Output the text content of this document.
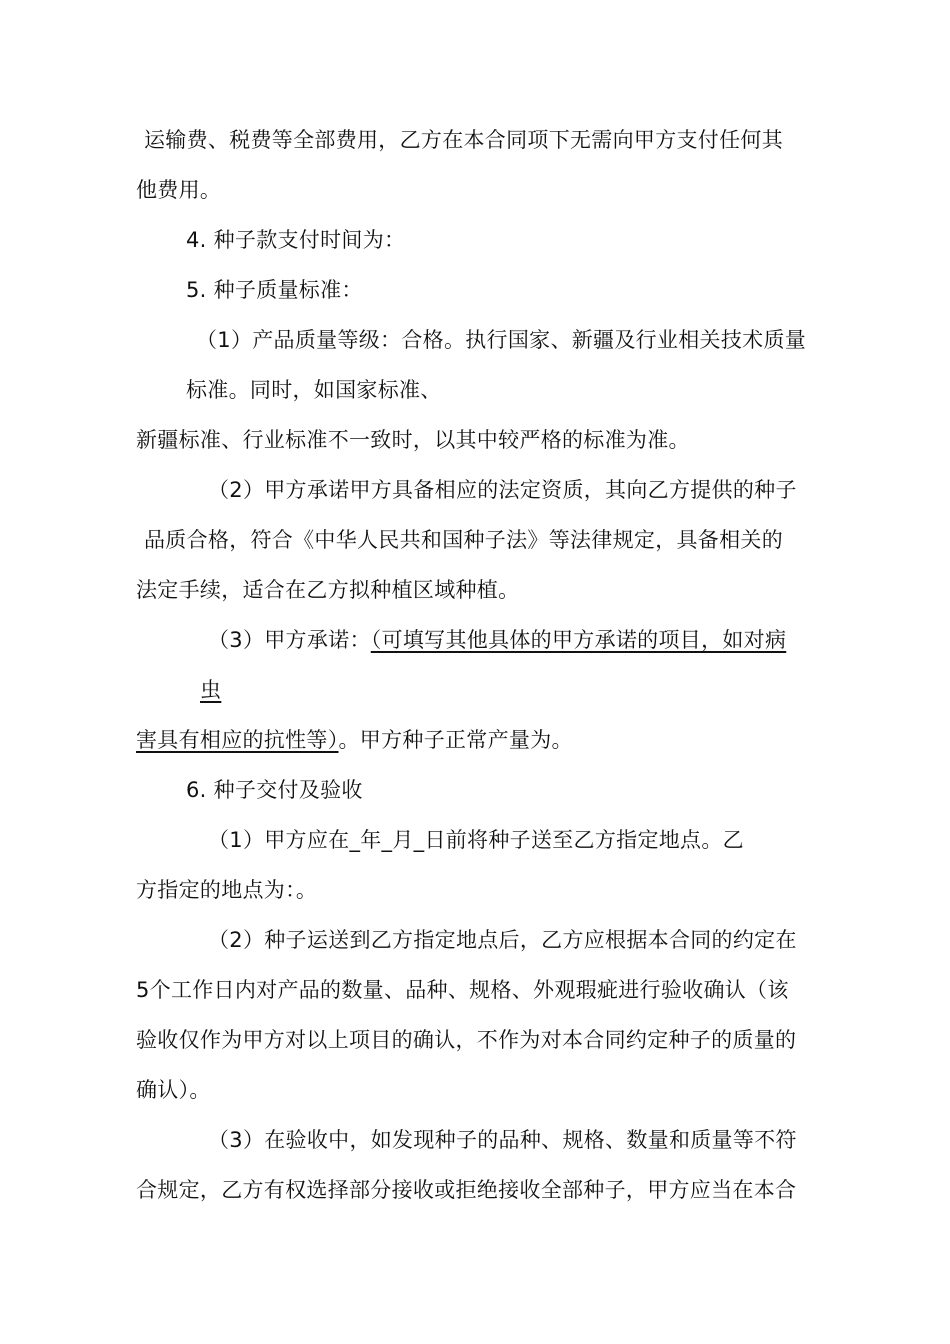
运输费、税费等全部费用，乙方在本合同项下无需向甲方支付任何其
他费用。
4. 种子款支付时间为：
5. 种子质量标准：
（1）产品质量等级：合格。执行国家、新疆及行业相关技术质量
标准。同时，如国家标准、
新疆标准、行业标准不一致时，以其中较严格的标准为准。
（2）甲方承诺甲方具备相应的法定资质，其向乙方提供的种子
品质合格，符合《中华人民共和国种子法》等法律规定，具备相关的
法定手续，适合在乙方拟种植区域种植。
（3）甲方承诺：（可填写其他具体的甲方承诺的项目，如对病
虫
害具有相应的抗性等）。甲方种子正常产量为。
6. 种子交付及验收
（1）甲方应在_年_月_日前将种子送至乙方指定地点。乙
方指定的地点为：。
（2）种子运送到乙方指定地点后，乙方应根据本合同的约定在
5个工作日内对产品的数量、品种、规格、外观瑕疵进行验收确认（该
验收仅作为甲方对以上项目的确认，不作为对本合同约定种子的质量的
确认）。
（3）在验收中，如发现种子的品种、规格、数量和质量等不符
合规定，乙方有权选择部分接收或拒绝接收全部种子，甲方应当在本合
